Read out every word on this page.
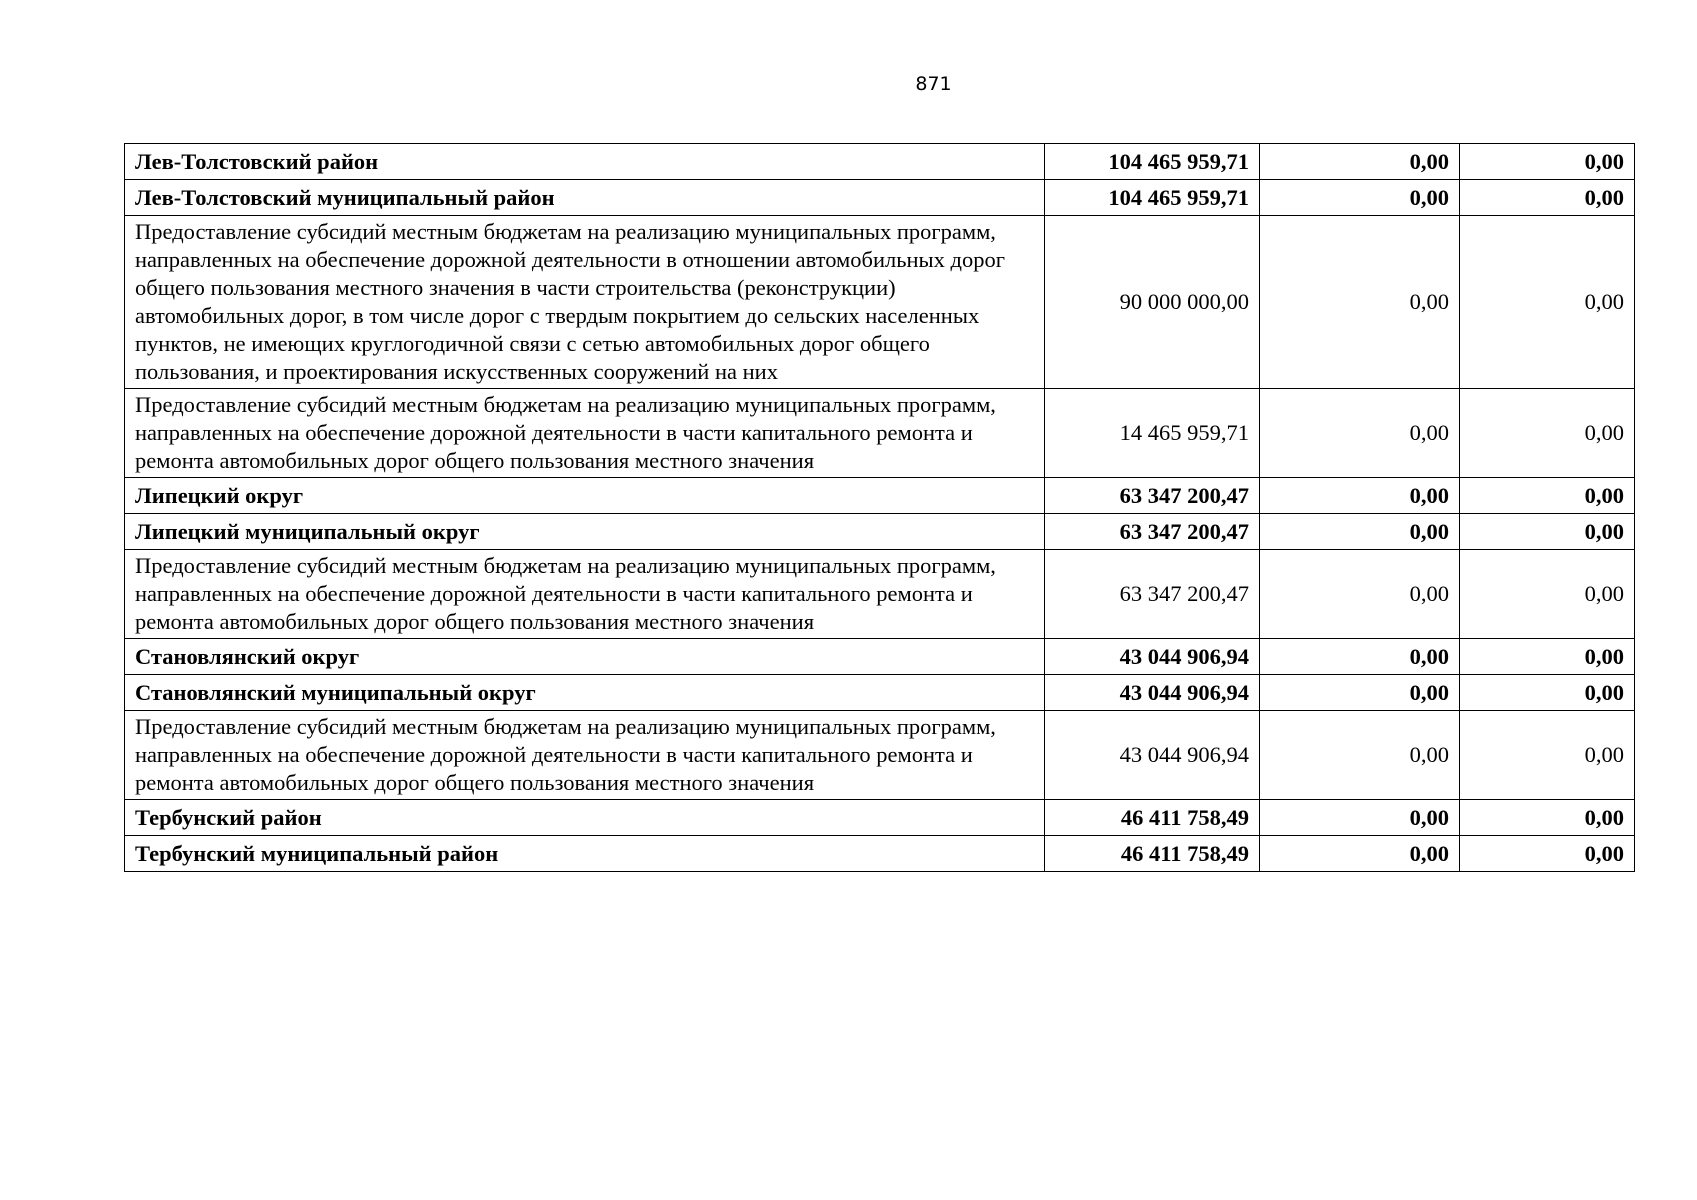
871
Лев-Толстовский район	104 465 959,71	0,00	0,00
Лев-Толстовский муниципальный район	104 465 959,71	0,00	0,00
Предоставление субсидий местным бюджетам на реализацию муниципальных программ, направленных на обеспечение дорожной деятельности в отношении автомобильных дорог общего пользования местного значения в части строительства (реконструкции) автомобильных дорог, в том числе дорог с твердым покрытием до сельских населенных пунктов, не имеющих круглогодичной связи с сетью автомобильных дорог общего пользования, и проектирования искусственных сооружений на них	90 000 000,00	0,00	0,00
Предоставление субсидий местным бюджетам на реализацию муниципальных программ, направленных на обеспечение дорожной деятельности в части капитального ремонта и ремонта автомобильных дорог общего пользования местного значения	14 465 959,71	0,00	0,00
Липецкий округ	63 347 200,47	0,00	0,00
Липецкий муниципальный округ	63 347 200,47	0,00	0,00
Предоставление субсидий местным бюджетам на реализацию муниципальных программ, направленных на обеспечение дорожной деятельности в части капитального ремонта и ремонта автомобильных дорог общего пользования местного значения	63 347 200,47	0,00	0,00
Становлянский округ	43 044 906,94	0,00	0,00
Становлянский муниципальный округ	43 044 906,94	0,00	0,00
Предоставление субсидий местным бюджетам на реализацию муниципальных программ, направленных на обеспечение дорожной деятельности в части капитального ремонта и ремонта автомобильных дорог общего пользования местного значения	43 044 906,94	0,00	0,00
Тербунский район	46 411 758,49	0,00	0,00
Тербунский муниципальный район	46 411 758,49	0,00	0,00
